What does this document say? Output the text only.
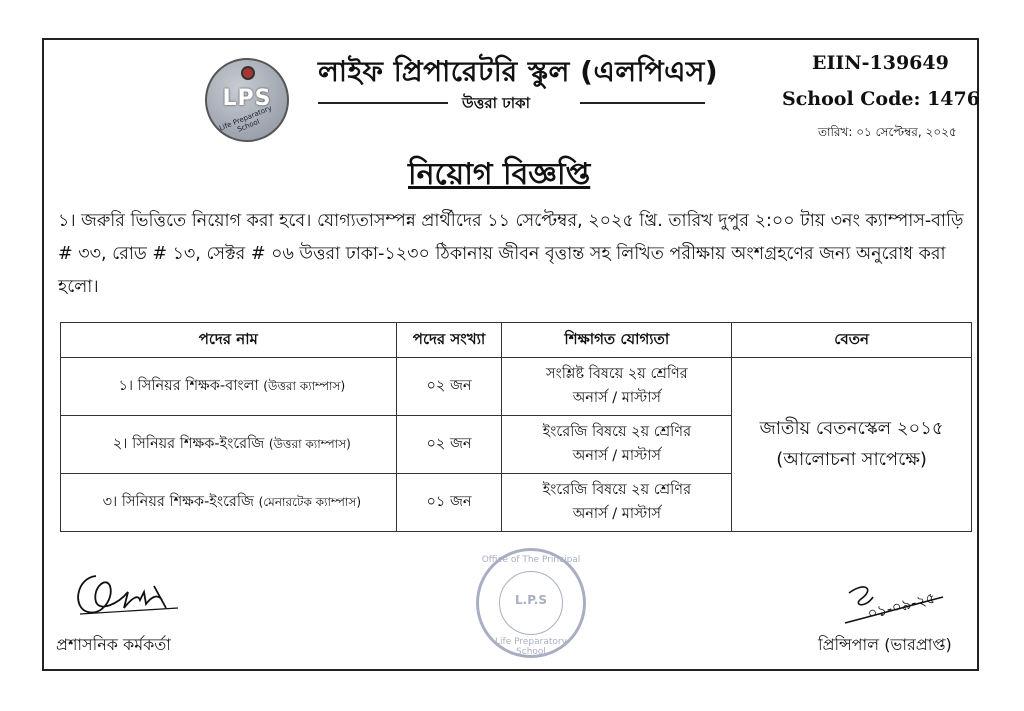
LPS
Life Preparatory School
লাইফ প্রিপারেটরি স্কুল (এলপিএস)
উত্তরা ঢাকা
EIIN-139649
School Code: 1476
তারিখ: ০১ সেপ্টেম্বর, ২০২৫
নিয়োগ বিজ্ঞপ্তি

১। জরুরি ভিত্তিতে নিয়োগ করা হবে। যোগ্যতাসম্পন্ন প্রার্থীদের ১১ সেপ্টেম্বর, ২০২৫ খ্রি. তারিখ দুপুর ২:০০ টায় ৩নং ক্যাম্পাস-বাড়ি # ৩৩, রোড # ১৩, সেক্টর # ০৬ উত্তরা ঢাকা-১২৩০ ঠিকানায় জীবন বৃত্তান্ত সহ লিখিত পরীক্ষায় অংশগ্রহণের জন্য অনুরোধ করা হলো।

পদের নাম	পদের সংখ্যা	শিক্ষাগত যোগ্যতা	বেতন
১। সিনিয়র শিক্ষক-বাংলা (উত্তরা ক্যাম্পাস)	০২ জন	সংশ্লিষ্ট বিষয়ে ২য় শ্রেণির
অনার্স / মাস্টার্স	জাতীয় বেতনস্কেল ২০১৫
(আলোচনা সাপেক্ষে)
২। সিনিয়র শিক্ষক-ইংরেজি (উত্তরা ক্যাম্পাস)	০২ জন	ইংরেজি বিষয়ে ২য় শ্রেণির
অনার্স / মাস্টার্স	
৩। সিনিয়র শিক্ষক-ইংরেজি (মেনারটেক ক্যাম্পাস)	০১ জন	ইংরেজি বিষয়ে ২য় শ্রেণির
অনার্স / মাস্টার্স	
প্রশাসনিক কর্মকর্তা
Office of The Principal
L.P.S
Life Preparatory School
০১-০৯-২৫
প্রিন্সিপাল (ভারপ্রাপ্ত)
